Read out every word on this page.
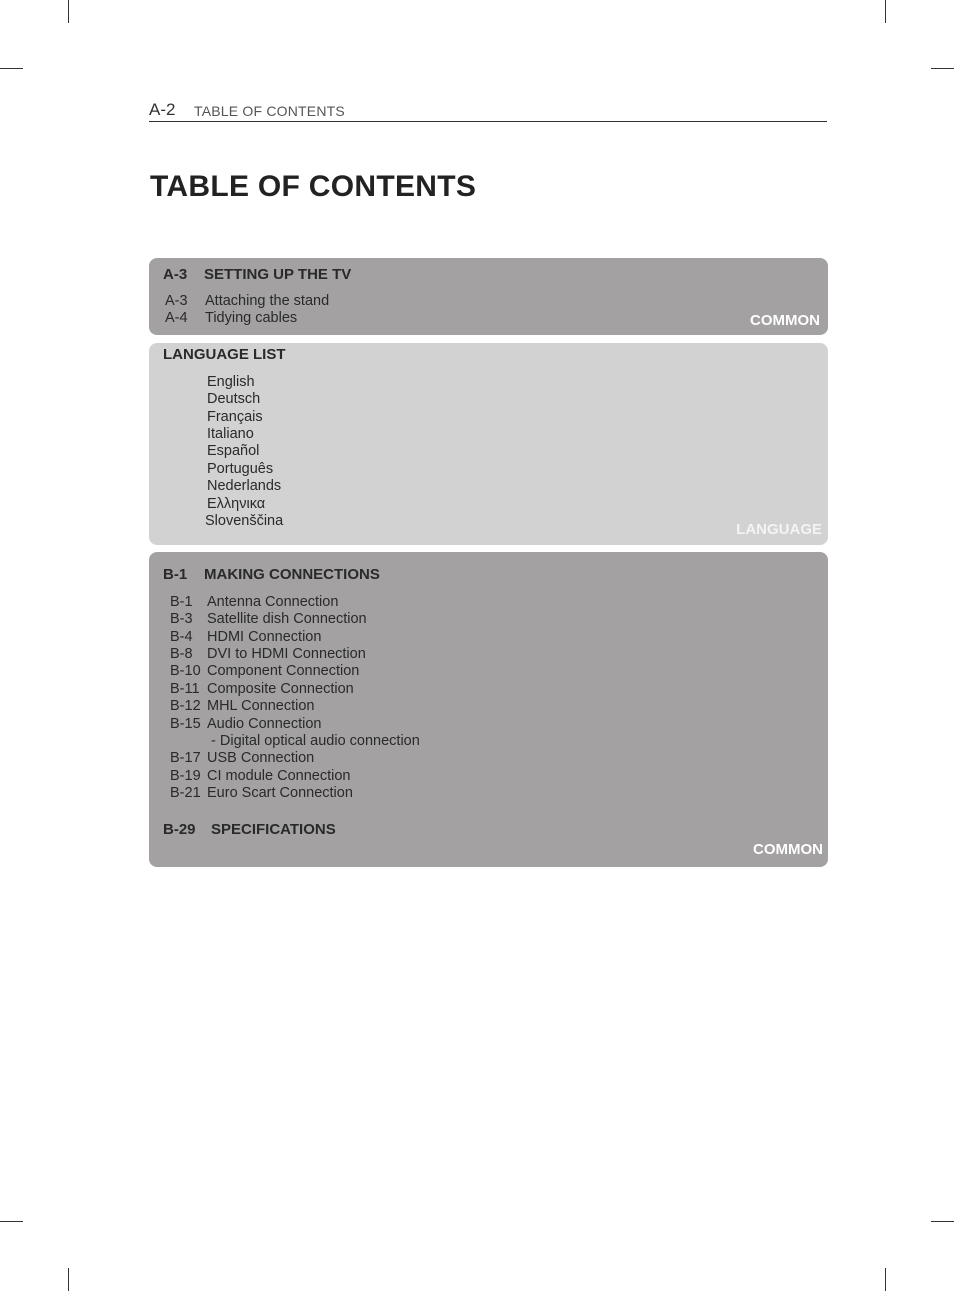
A-2 TABLE OF CONTENTS
TABLE OF CONTENTS
A-3 SETTING UP THE TV
A-3 Attaching the stand
A-4 Tidying cables	COMMON
LANGUAGE LIST
English
Deutsch
Français
Italiano
Español
Português
Nederlands
Ελληνικα
Slovenščina	LANGUAGE
B-1 MAKING CONNECTIONS
B-1 Antenna Connection
B-3 Satellite dish Connection
B-4 HDMI Connection
B-8 DVI to HDMI Connection
B-10 Component Connection
B-11 Composite Connection
B-12 MHL Connection
B-15 Audio Connection
- Digital optical audio connection
B-17 USB Connection
B-19 CI module Connection
B-21 Euro Scart Connection
B-29 SPECIFICATIONS
COMMON
